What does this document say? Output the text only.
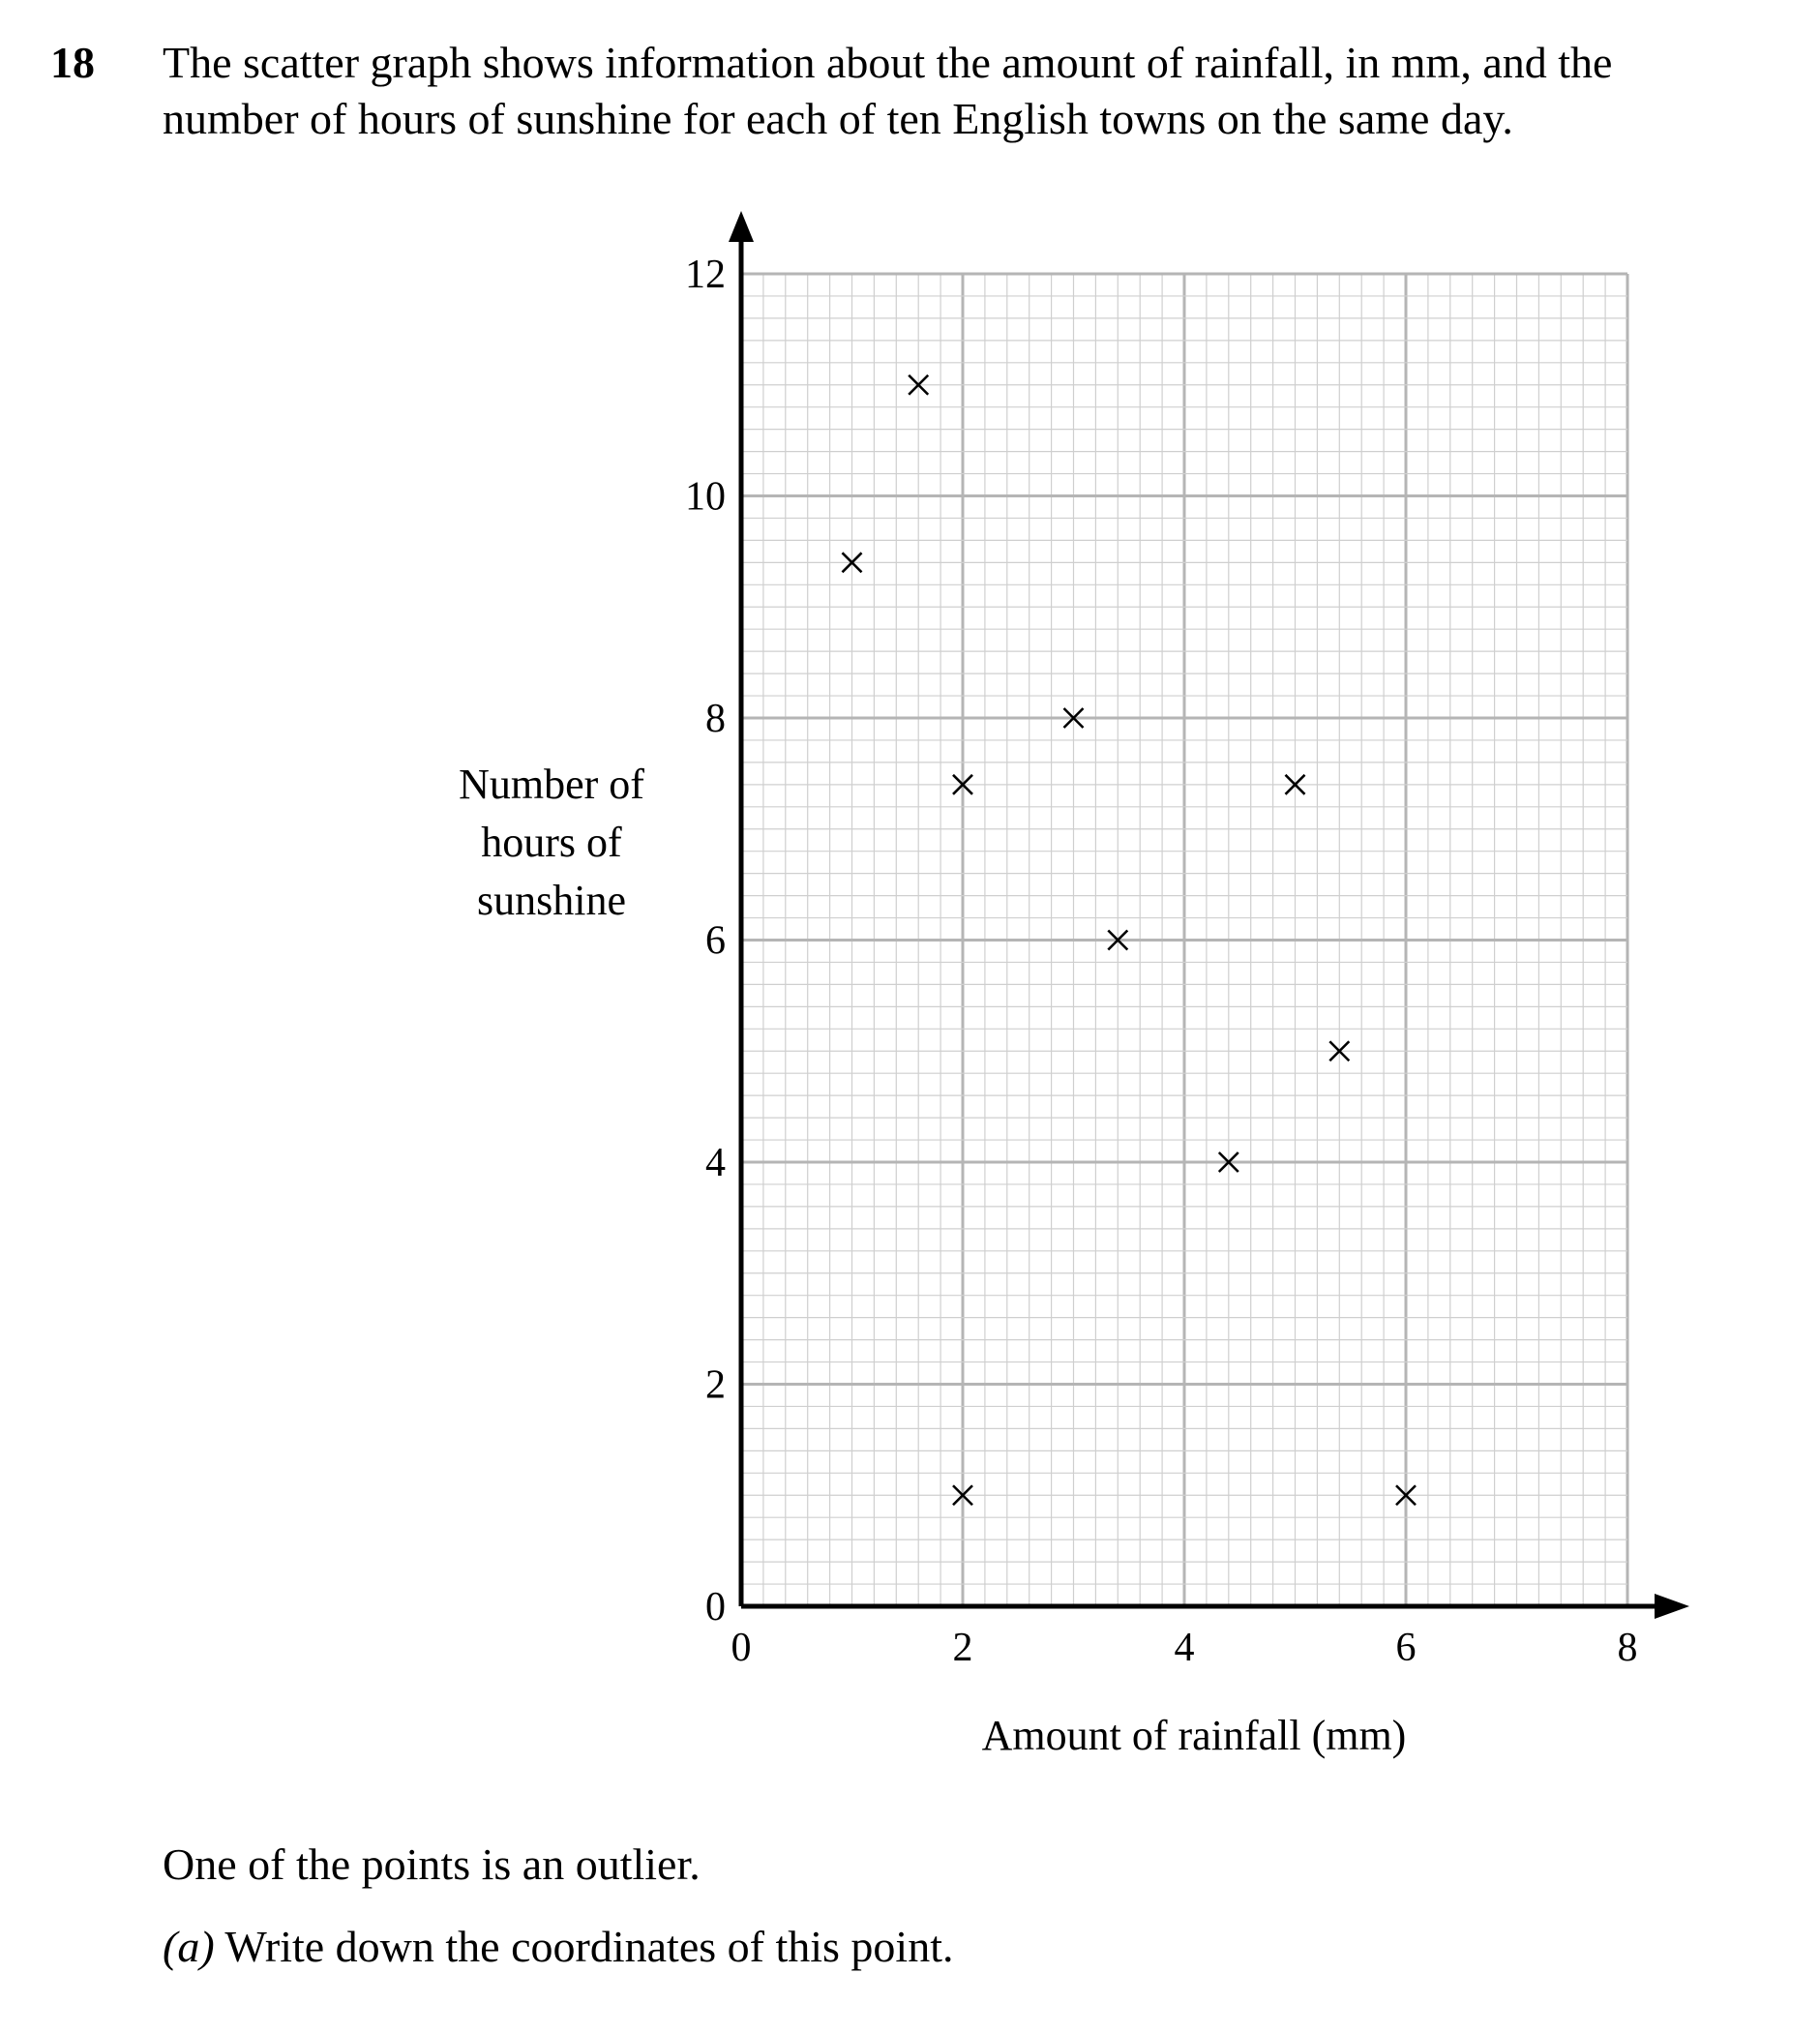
18 The scatter graph shows information about the amount of rainfall, in mm, and the
number of hours of sunshine for each of ten English towns on the same day.
0	2	4	6	8
0
2
4
6
8
10
12
Amount of rainfall (mm)
Number of
hours of
sunshine
One of the points is an outlier.
(a) Write down the coordinates of this point.
